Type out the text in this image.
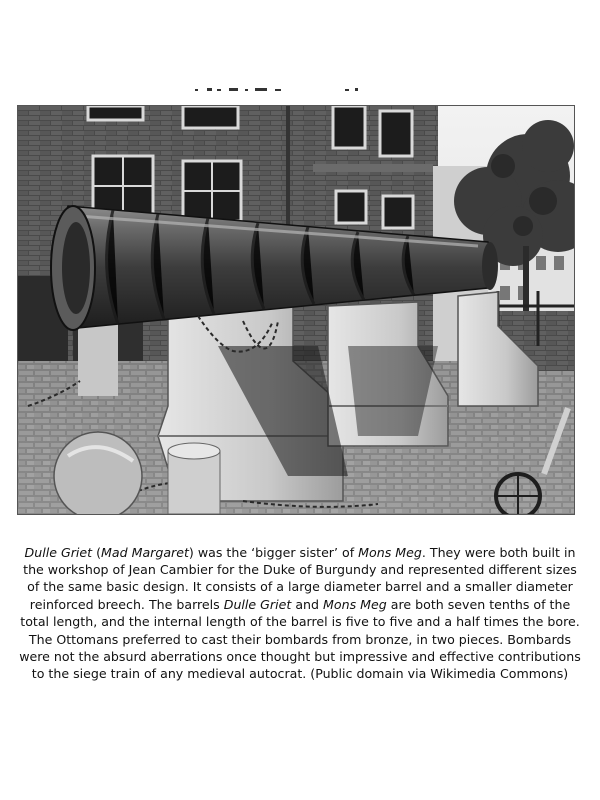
Dulle Griet (Mad Margaret) was the ‘bigger sister’ of Mons Meg. They were both built in the workshop of Jean Cambier for the Duke of Burgundy and represented different sizes of the same basic design. It consists of a large diameter barrel and a smaller diameter reinforced breech. The barrels Dulle Griet and Mons Meg are both seven tenths of the total length, and the internal length of the barrel is five to five and a half times the bore. The Ottomans preferred to cast their bombards from bronze, in two pieces. Bombards were not the absurd aberrations once thought but impressive and effective contributions to the siege train of any medieval autocrat. (Public domain via Wikimedia Commons)
